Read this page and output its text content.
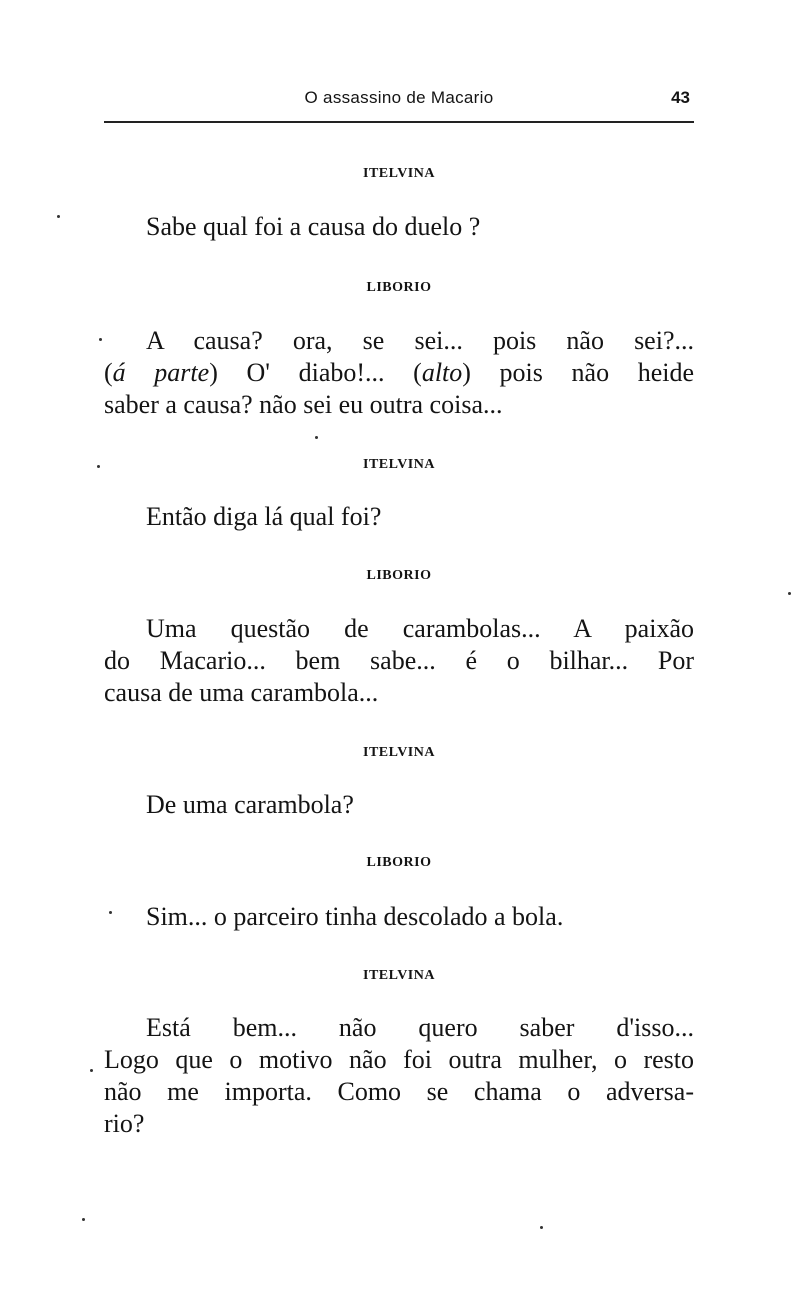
O assassino de Macario	43
ITELVINA
Sabe qual foi a causa do duelo ?
LIBORIO
A causa? ora, se sei... pois não sei?...
(á parte) O' diabo!... (alto) pois não heide
saber a causa? não sei eu outra coisa...
ITELVINA
Então diga lá qual foi?
LIBORIO
Uma questão de carambolas... A paixão
do Macario... bem sabe... é o bilhar... Por
causa de uma carambola...
ITELVINA
De uma carambola?
LIBORIO
Sim... o parceiro tinha descolado a bola.
ITELVINA
Está bem... não quero saber d'isso...
Logo que o motivo não foi outra mulher, o resto
não me importa. Como se chama o adversa-
rio?
